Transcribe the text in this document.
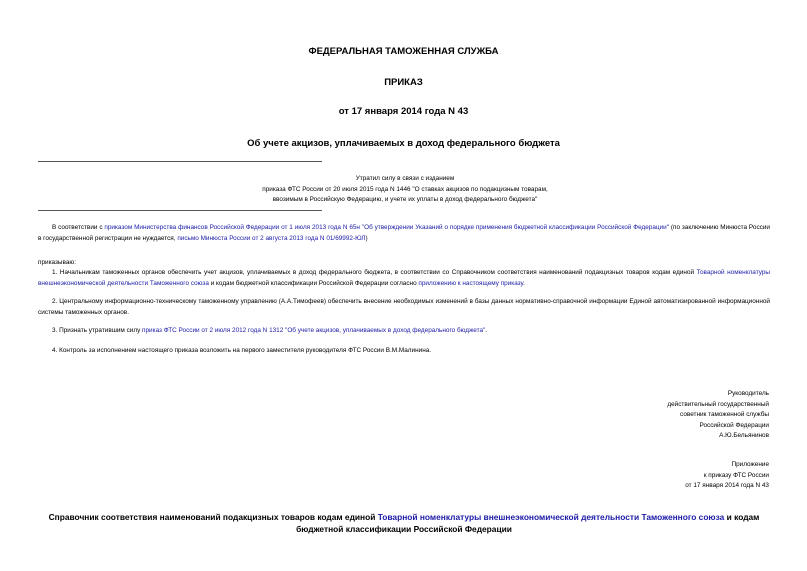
ФЕДЕРАЛЬНАЯ ТАМОЖЕННАЯ СЛУЖБА
ПРИКАЗ
от 17 января 2014 года N 43
Об учете акцизов, уплачиваемых в доход федерального бюджета
Утратил силу в связи с изданием
приказа ФТС России от 20 июля 2015 года N 1446 "О ставках акцизов по подакцизным товарам,
ввозимым в Российскую Федерацию, и учете их уплаты в доход федерального бюджета"
В соответствии с приказом Министерства финансов Российской Федерации от 1 июля 2013 года N 65н "Об утверждении Указаний о порядке применения бюджетной классификации Российской Федерации" (по заключению Минюста России в государственной регистрации не нуждается, письмо Минюста России от 2 августа 2013 года N 01/69992-ЮЛ)
приказываю:
1. Начальникам таможенных органов обеспечить учет акцизов, уплачиваемых в доход федерального бюджета, в соответствии со Справочником соответствия наименований подакцизных товаров кодам единой Товарной номенклатуры внешнеэкономической деятельности Таможенного союза и кодам бюджетной классификации Российской Федерации согласно приложению к настоящему приказу.
2. Центральному информационно-техническому таможенному управлению (А.А.Тимофеев) обеспечить внесение необходимых изменений в базы данных нормативно-справочной информации Единой автоматизированной информационной системы таможенных органов.
3. Признать утратившим силу приказ ФТС России от 2 июля 2012 года N 1312 "Об учете акцизов, уплачиваемых в доход федерального бюджета".
4. Контроль за исполнением настоящего приказа возложить на первого заместителя руководителя ФТС России В.М.Малинина.
Руководитель
действительный государственный
советник таможенной службы
Российской Федерации
А.Ю.Бельянинов
Приложение
к приказу ФТС России
от 17 января 2014 года N 43
Справочник соответствия наименований подакцизных товаров кодам единой Товарной номенклатуры внешнеэкономической деятельности Таможенного союза и кодам бюджетной классификации Российской Федерации
